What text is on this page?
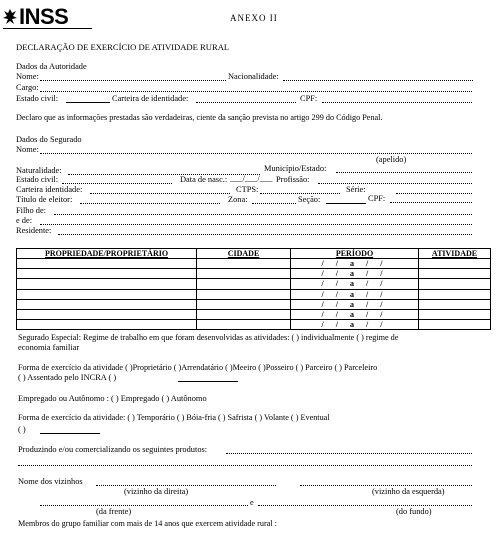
INSS	ANEXO II
DECLARAÇÃO DE EXERCÍCIO DE ATIVIDADE RURAL
Dados da Autoridade
Nome:	Nacionalidade:
Cargo:
Estado civil:	Carteira de identidade:	CPF:
Declaro que as informações prestadas são verdadeiras, ciente da sanção prevista no artigo 299 do Código Penal.
Dados do Segurado
Nome:
(apelido)
Naturalidade:	Município/Estado:
Estado civil:	Data de nasc.: ___/___/___ Profissão:
Carteira identidade:	CTPS:	Série:
Título de eleitor:	Zona:	Seção:	CPF:
Filho de:
e de:
Residente:
PROPRIEDADE/PROPRIETÁRIO	CIDADE	PERÍODO	ATIVIDADE
		/ / a / /	
		/ / a / /	
		/ / a / /	
		/ / a / /	
		/ / a / /	
		/ / a / /	
		/ / a / /	
Segurado Especial: Regime de trabalho em que foram desenvolvidas as atividades: ( ) individualmente ( ) regime de
economia familiar
Forma de exercício da atividade ( )Proprietário ( )Arrendatário ( )Meeiro ( )Posseiro ( ) Parceiro ( ) Parceleiro
( ) Assentado pelo INCRA ( )
Empregado ou Autônomo : ( ) Empregado ( ) Autônomo
Forma de exercício da atividade: ( ) Temporário ( ) Bóia-fria ( ) Safrista ( ) Volante ( ) Eventual
( )
Produzindo e/ou comercializando os seguintes produtos:
Nome dos vizinhos
(vizinho da direita)	(vizinho da esquerda)
e
(da frente)	(do fundo)
Membros do grupo familiar com mais de 14 anos que exercem atividade rural :
